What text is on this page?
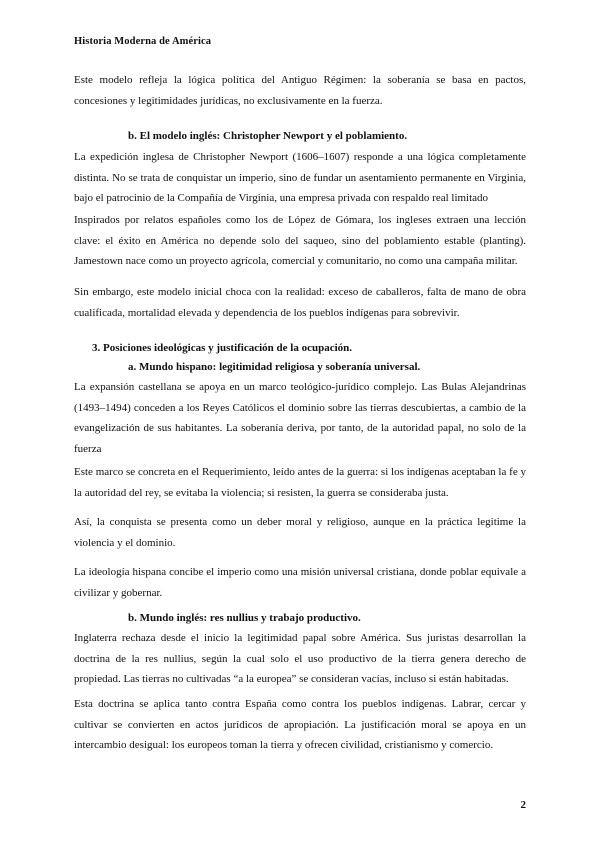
Historia Moderna de América

Este modelo refleja la lógica política del Antiguo Régimen: la soberanía se basa en pactos, concesiones y legitimidades jurídicas, no exclusivamente en la fuerza.

b. El modelo inglés: Christopher Newport y el poblamiento.

La expedición inglesa de Christopher Newport (1606–1607) responde a una lógica completamente distinta. No se trata de conquistar un imperio, sino de fundar un asentamiento permanente en Virginia, bajo el patrocinio de la Compañía de Virginia, una empresa privada con respaldo real limitado

Inspirados por relatos españoles como los de López de Gómara, los ingleses extraen una lección clave: el éxito en América no depende solo del saqueo, sino del poblamiento estable (planting). Jamestown nace como un proyecto agrícola, comercial y comunitario, no como una campaña militar.

Sin embargo, este modelo inicial choca con la realidad: exceso de caballeros, falta de mano de obra cualificada, mortalidad elevada y dependencia de los pueblos indígenas para sobrevivir.

3. Posiciones ideológicas y justificación de la ocupación.

a. Mundo hispano: legitimidad religiosa y soberanía universal.

La expansión castellana se apoya en un marco teológico-jurídico complejo. Las Bulas Alejandrinas (1493–1494) conceden a los Reyes Católicos el dominio sobre las tierras descubiertas, a cambio de la evangelización de sus habitantes. La soberanía deriva, por tanto, de la autoridad papal, no solo de la fuerza

Este marco se concreta en el Requerimiento, leído antes de la guerra: si los indígenas aceptaban la fe y la autoridad del rey, se evitaba la violencia; si resisten, la guerra se consideraba justa.

Así, la conquista se presenta como un deber moral y religioso, aunque en la práctica legitime la violencia y el dominio.

La ideología hispana concibe el imperio como una misión universal cristiana, donde poblar equivale a civilizar y gobernar.

b. Mundo inglés: res nullius y trabajo productivo.

Inglaterra rechaza desde el inicio la legitimidad papal sobre América. Sus juristas desarrollan la doctrina de la res nullius, según la cual solo el uso productivo de la tierra genera derecho de propiedad. Las tierras no cultivadas “a la europea” se consideran vacías, incluso si están habitadas.

Esta doctrina se aplica tanto contra España como contra los pueblos indígenas. Labrar, cercar y cultivar se convierten en actos jurídicos de apropiación. La justificación moral se apoya en un intercambio desigual: los europeos toman la tierra y ofrecen civilidad, cristianismo y comercio.

2
